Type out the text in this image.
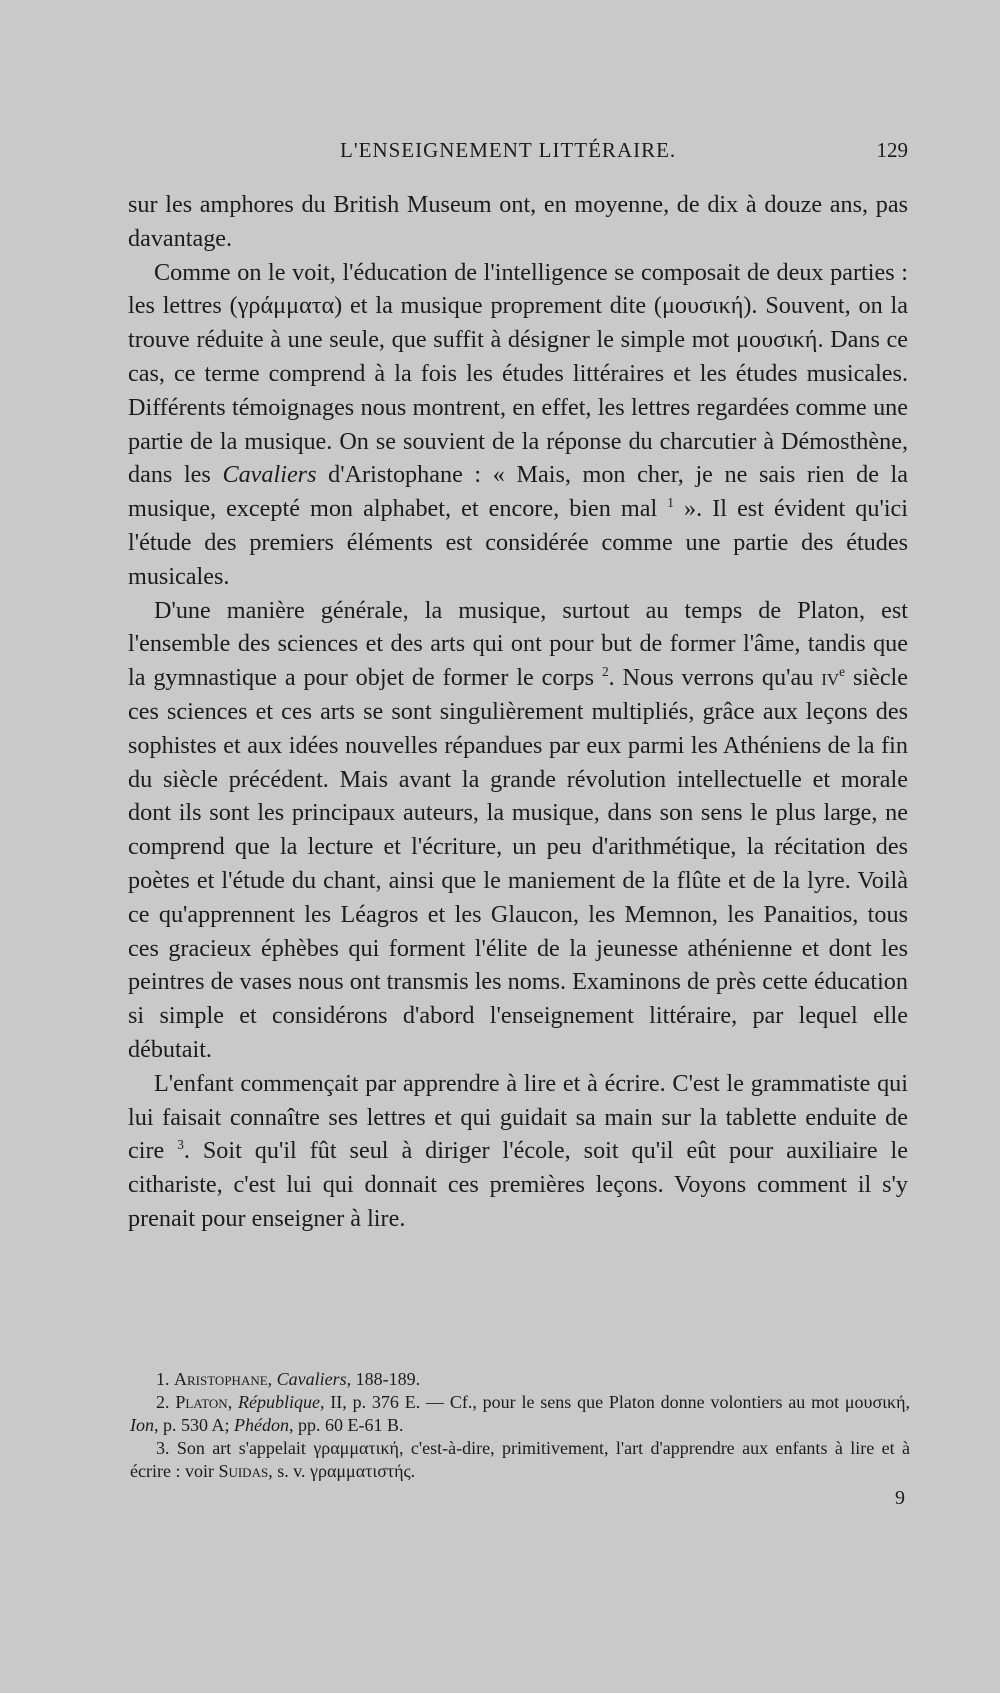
L'ENSEIGNEMENT LITTÉRAIRE.	129

sur les amphores du British Museum ont, en moyenne, de dix à douze ans, pas davantage.

Comme on le voit, l'éducation de l'intelligence se composait de deux parties : les lettres (γράμματα) et la musique proprement dite (μουσική). Souvent, on la trouve réduite à une seule, que suffit à désigner le simple mot μουσική. Dans ce cas, ce terme comprend à la fois les études littéraires et les études musicales. Différents témoignages nous montrent, en effet, les lettres regardées comme une partie de la musique. On se souvient de la réponse du charcutier à Démosthène, dans les Cavaliers d'Aristophane : « Mais, mon cher, je ne sais rien de la musique, excepté mon alphabet, et encore, bien mal $^1$ ». Il est évident qu'ici l'étude des premiers éléments est considérée comme une partie des études musicales.

D'une manière générale, la musique, surtout au temps de Platon, est l'ensemble des sciences et des arts qui ont pour but de former l'âme, tandis que la gymnastique a pour objet de former le corps $^2$. Nous verrons qu'au $iv^e$ siècle ces sciences et ces arts se sont singulièrement multipliés, grâce aux leçons des sophistes et aux idées nouvelles répandues par eux parmi les Athéniens de la fin du siècle précédent. Mais avant la grande révolution intellectuelle et morale dont ils sont les principaux auteurs, la musique, dans son sens le plus large, ne comprend que la lecture et l'écriture, un peu d'arithmétique, la récitation des poètes et l'étude du chant, ainsi que le maniement de la flûte et de la lyre. Voilà ce qu'apprennent les Léagros et les Glaucon, les Memnon, les Panaitios, tous ces gracieux éphèbes qui forment l'élite de la jeunesse athénienne et dont les peintres de vases nous ont transmis les noms. Examinons de près cette éducation si simple et considérons d'abord l'enseignement littéraire, par lequel elle débutait.

L'enfant commençait par apprendre à lire et à écrire. C'est le grammatiste qui lui faisait connaître ses lettres et qui guidait sa main sur la tablette enduite de cire $^3$. Soit qu'il fût seul à diriger l'école, soit qu'il eût pour auxiliaire le cithariste, c'est lui qui donnait ces premières leçons. Voyons comment il s'y prenait pour enseigner à lire.

1. Aristophane, Cavaliers, 188-189.

2. Platon, République, II, p. 376 E. — Cf., pour le sens que Platon donne volontiers au mot μουσική, Ion, p. 530 A; Phédon, pp. 60 E-61 B.

3. Son art s'appelait γραμματική, c'est-à-dire, primitivement, l'art d'apprendre aux enfants à lire et à écrire : voir Suidas, s. v. γραμματιστής.

9
